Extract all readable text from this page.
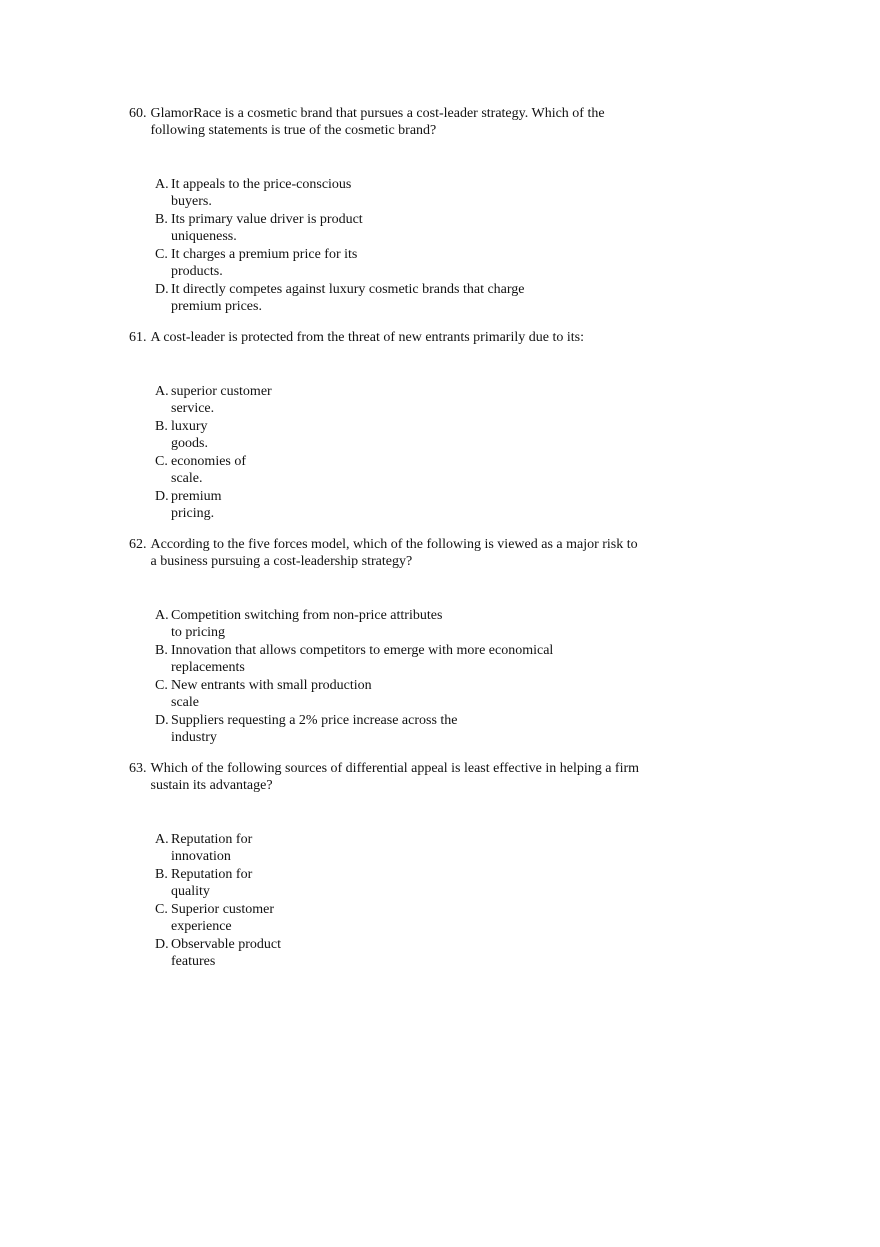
60. GlamorRace is a cosmetic brand that pursues a cost-leader strategy. Which of the
following statements is true of the cosmetic brand?
A. It appeals to the price-conscious
buyers.
B. Its primary value driver is product
uniqueness.
C. It charges a premium price for its
products.
D. It directly competes against luxury cosmetic brands that charge
premium prices.
61. A cost-leader is protected from the threat of new entrants primarily due to its:
A. superior customer
service.
B. luxury
goods.
C. economies of
scale.
D. premium
pricing.
62. According to the five forces model, which of the following is viewed as a major risk to
a business pursuing a cost-leadership strategy?
A. Competition switching from non-price attributes
to pricing
B. Innovation that allows competitors to emerge with more economical
replacements
C. New entrants with small production
scale
D. Suppliers requesting a 2% price increase across the
industry
63. Which of the following sources of differential appeal is least effective in helping a firm
sustain its advantage?
A. Reputation for
innovation
B. Reputation for
quality
C. Superior customer
experience
D. Observable product
features
